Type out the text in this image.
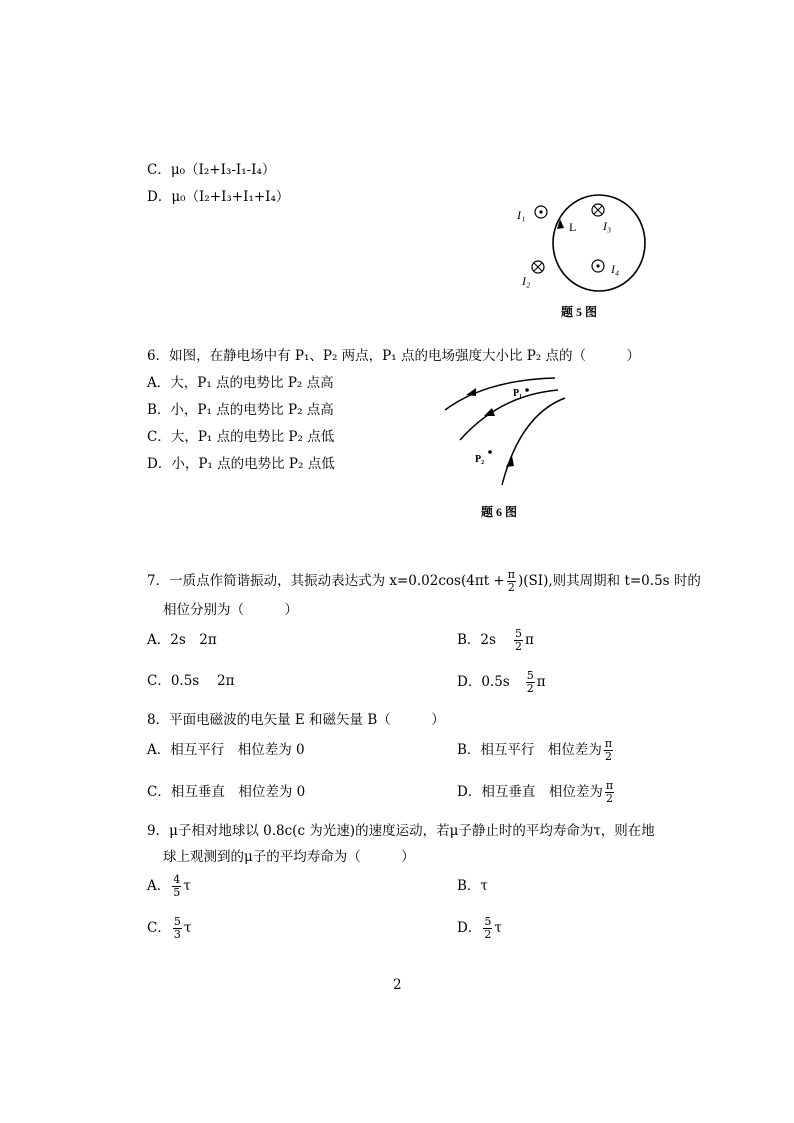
C．μ₀（I₂+I₃-I₁-I₄）
D．μ₀（I₂+I₃+I₁+I₄）
L
I₁
I₃
I₂
I₄
题 5 图
6．如图，在静电场中有 P₁、P₂ 两点，P₁ 点的电场强度大小比 P₂ 点的（　　　）
A．大，P₁ 点的电势比 P₂ 点高
B．小，P₁ 点的电势比 P₂ 点高
C．大，P₁ 点的电势比 P₂ 点低
D．小，P₁ 点的电势比 P₂ 点低
P₁
P₂
题 6 图
7．一质点作简谐振动，其振动表达式为 $x=0.02\cos(4\pi t + \frac{\pi}{2} )(SI)$,则其周期和 t=0.5s 时的
相位分别为（　　　）
A．2s　2π	B．$2s \frac{5}{2}$ π
C．0.5s　 2π	D．$0.5s \frac{5}{2}$ π
8．平面电磁波的电矢量 E 和磁矢量 B（　　　）
A．相互平行　相位差为 0	B．相互平行　相位差为 $\frac{\pi}{2}$
C．相互垂直　相位差为 0	D．相互垂直　相位差为 $\frac{\pi}{2}$
9．μ子相对地球以 0.8c(c 为光速)的速度运动，若μ子静止时的平均寿命为τ，则在地
球上观测到的μ子的平均寿命为（　　　）
A． $\frac{4}{5}$ τ	B．τ
C． $\frac{5}{3}$ τ	D． $\frac{5}{2}$ τ
2
